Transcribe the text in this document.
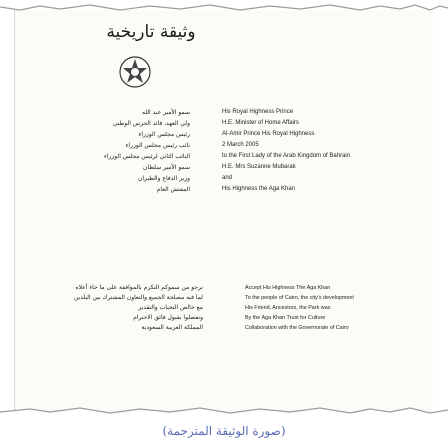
وثيقة تاريخية
سمو الأمير عبد الله
ولي العهد، قائد الحرس الوطني
رئيس مجلس الوزراء
نائب رئيس مجلس الوزراء
النائب الثاني لرئيس مجلس الوزراء
سمو الأمير سلطان
وزير الدفاع والطيران
المفتش العام
His Royal Highness Prince
H.E. Minister of Home Affairs
Al-Amir Prince His Royal Highness
2 March 2005
to the First Lady of the Arab Kingdom of Bahrain
H.E. Mrs Suzanne Mubarak
and
His Highness the Aga Khan
نرجو من سموكم التكرم بالموافقة على ما جاء أعلاه
لما فيه مصلحة الجميع والتعاون المشترك بين البلدين
مع خالص التحيات والتقدير
وتفضلوا بقبول فائق الاحترام
المملكة العربية السعودية
Accept His Highness The Aga Khan
To the people of Cairo, the city's development
His Friend, Ancestors, the Park was
By the Aga Khan Trust for Culture
Collaboration with the Governorate of Cairo
(صورة الوثيقة المترجمة)
